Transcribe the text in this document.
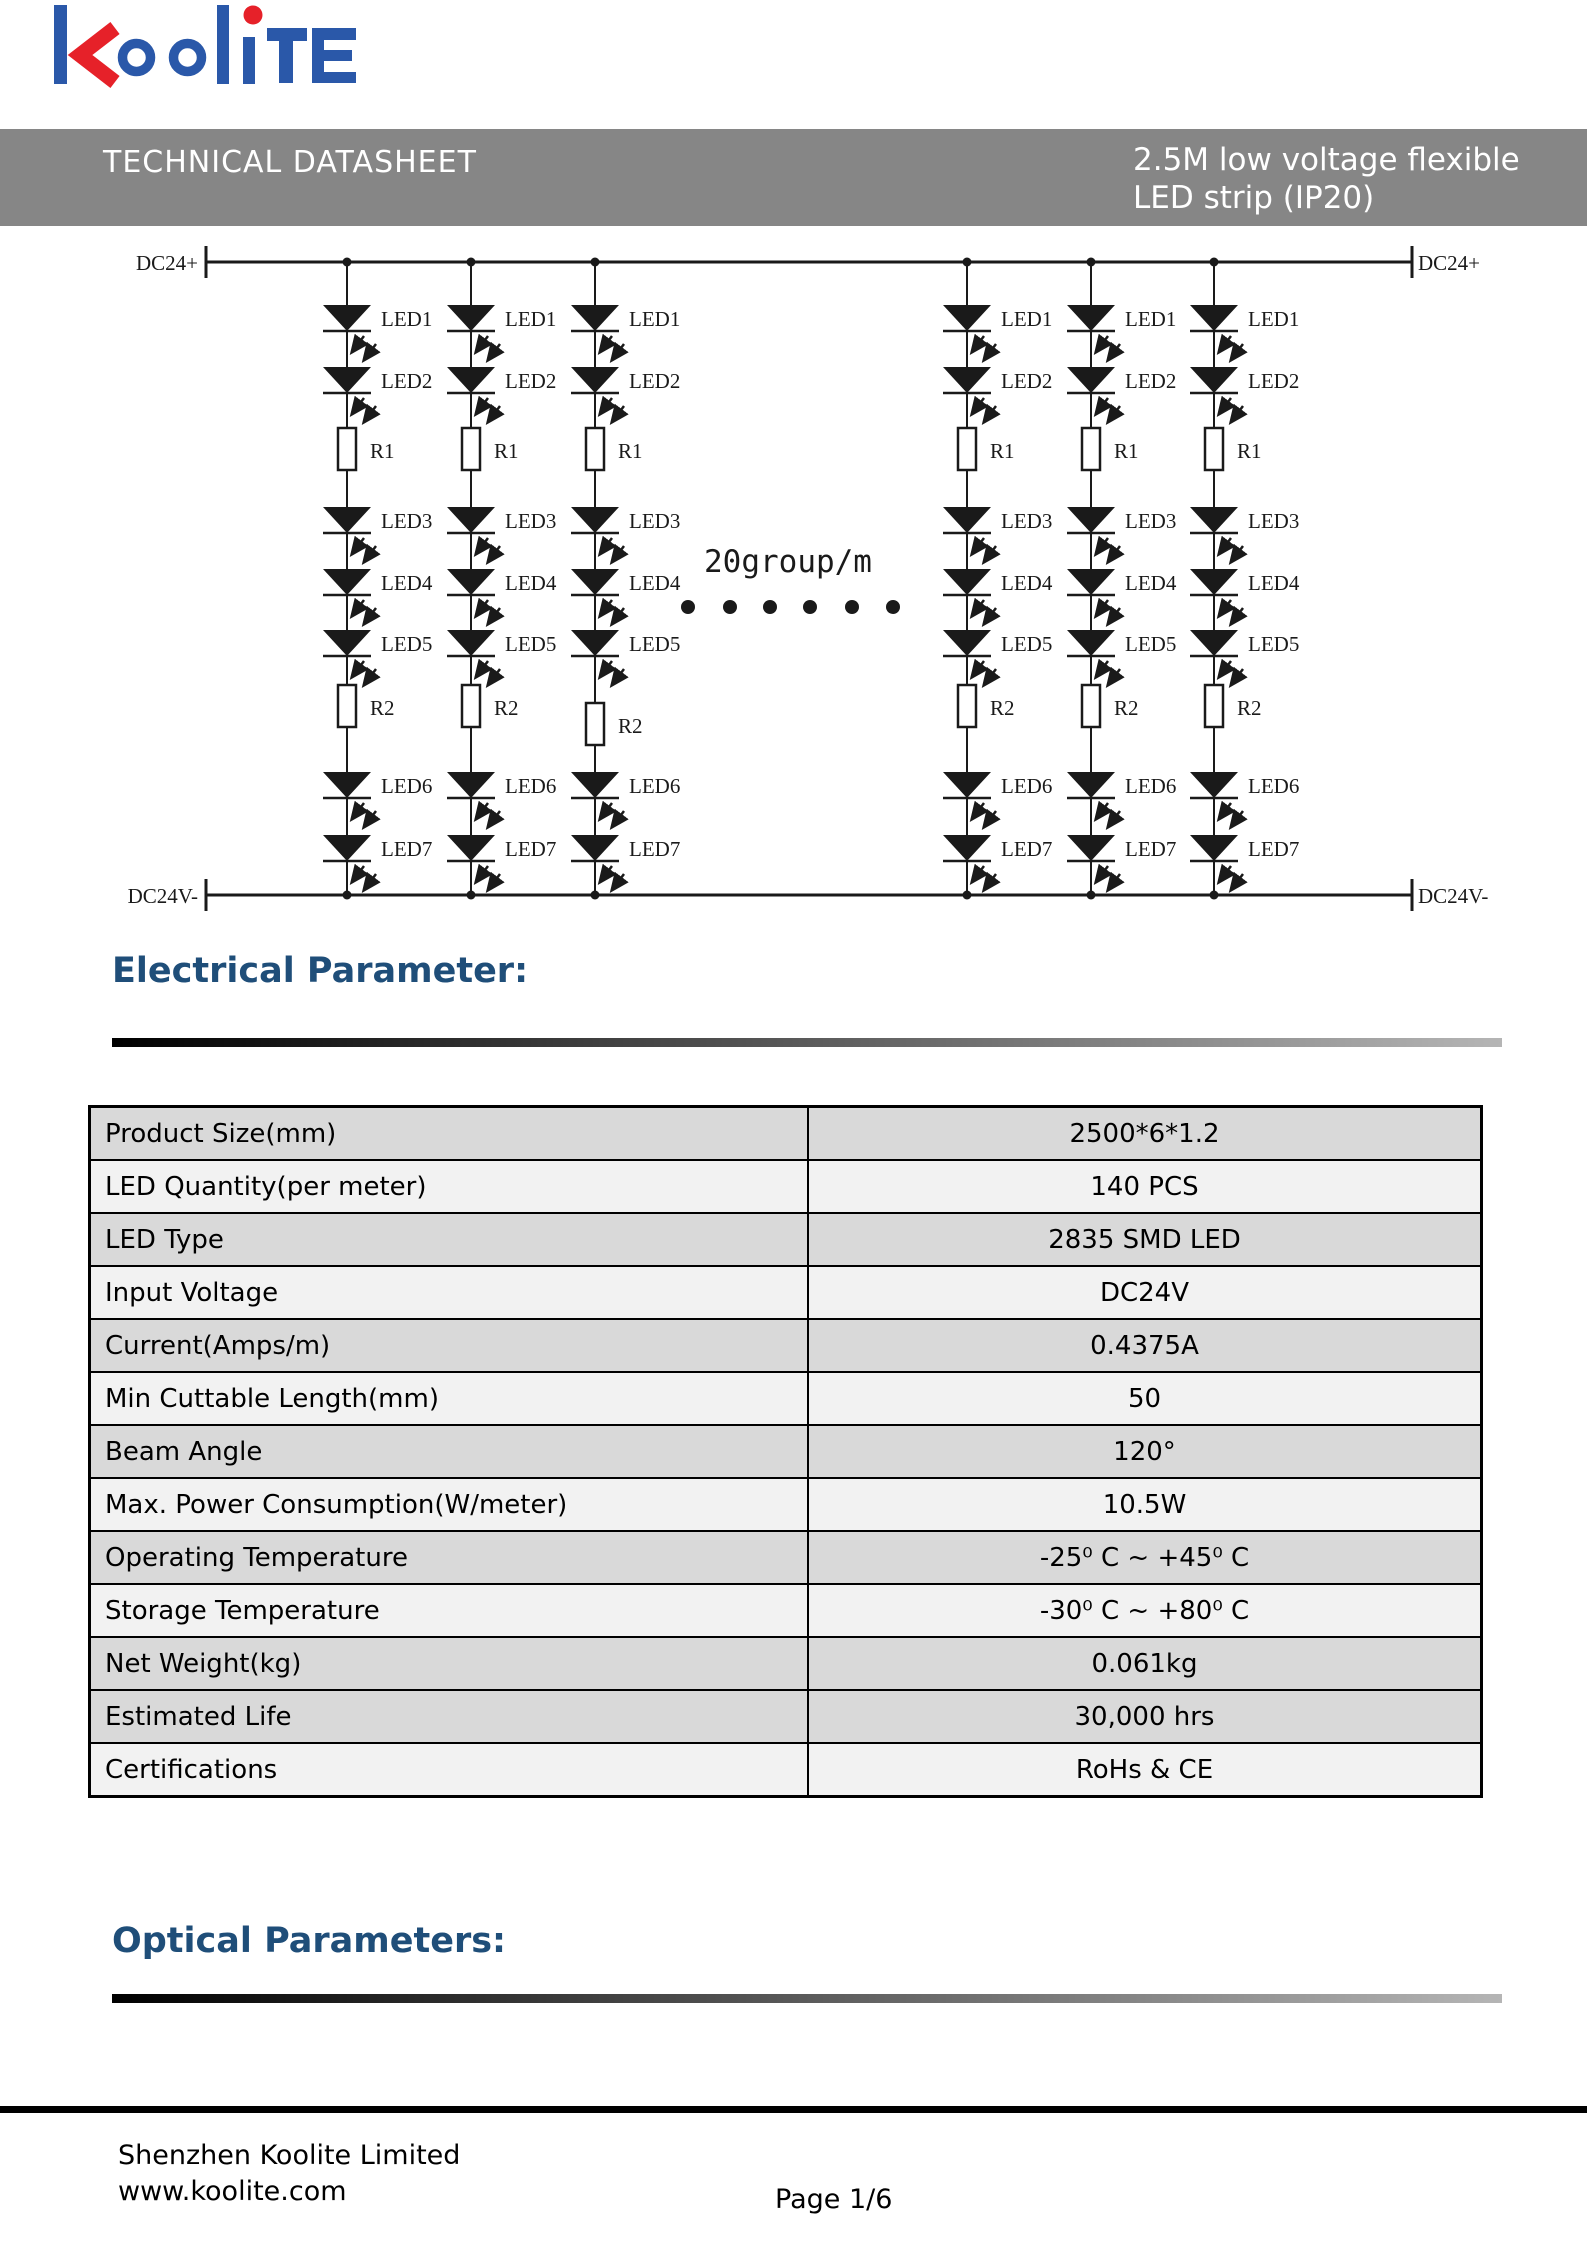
TECHNICAL DATASHEET	2.5M low voltage flexible
LED strip (IP20)
DC24+	DC24+
DC24V-	DC24V-
LED1
LED2
R1
LED3
LED4
LED5
R2
LED6
LED7
LED1
LED2
R1
LED3
LED4
LED5
R2
LED6
LED7
LED1
LED2
R1
LED3
LED4
LED5
R2
LED6
LED7
LED1
LED2
R1
LED3
LED4
LED5
R2
LED6
LED7
LED1
LED2
R1
LED3
LED4
LED5
R2
LED6
LED7
LED1
LED2
R1
LED3
LED4
LED5
R2
LED6
LED7
20group/m
Electrical Parameter:
Product Size(mm)	2500*6*1.2
LED Quantity(per meter)	140 PCS
LED Type	2835 SMD LED
Input Voltage	DC24V
Current(Amps/m)	0.4375A
Min Cuttable Length(mm)	50
Beam Angle	120°
Max. Power Consumption(W/meter)	10.5W
Operating Temperature	-25⁰ C ~ +45⁰ C
Storage Temperature	-30⁰ C ~ +80⁰ C
Net Weight(kg)	0.061kg
Estimated Life	30,000 hrs
Certifications	RoHs & CE
Optical Parameters:
Shenzhen Koolite Limited
www.koolite.com	Page 1/6
